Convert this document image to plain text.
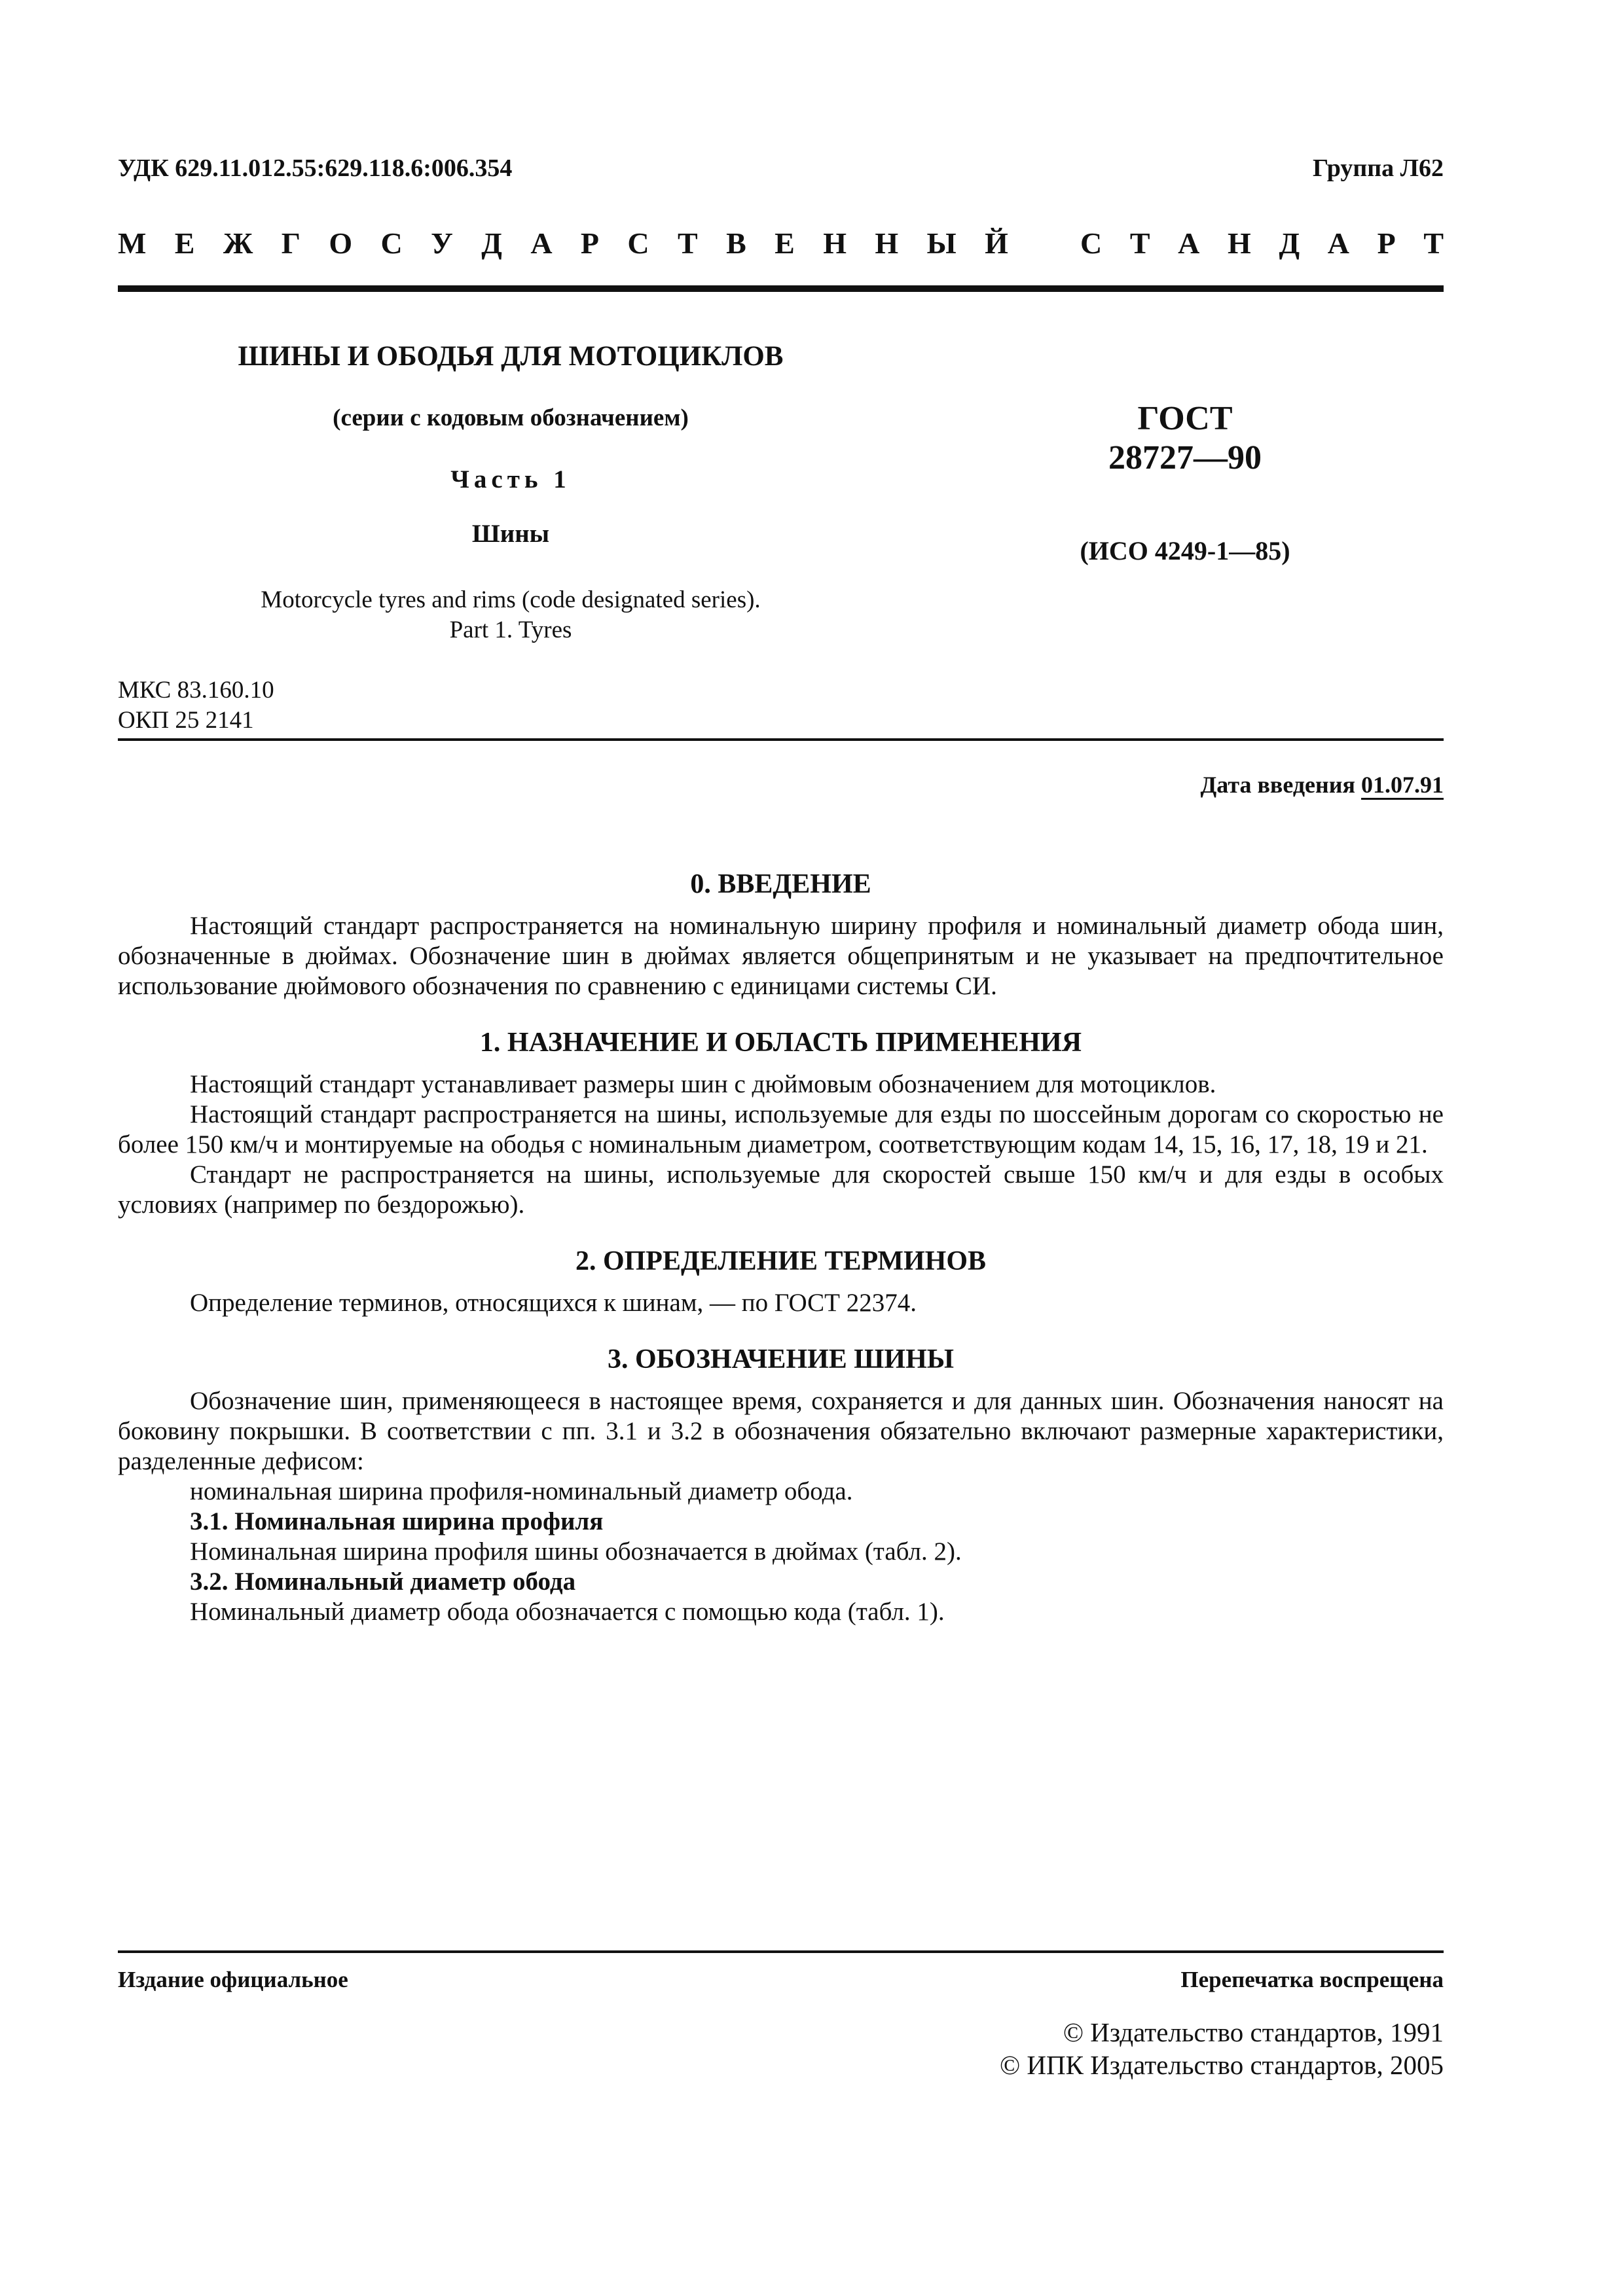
УДК 629.11.012.55:629.118.6:006.354	Группа Л62
М Е Ж Г О С У Д А Р С Т В Е Н Н Ы Й С Т А Н Д А Р Т
ШИНЫ И ОБОДЬЯ ДЛЯ МОТОЦИКЛОВ
(серии с кодовым обозначением)
Часть 1
Шины
Motorcycle tyres and rims (code designated series).
Part 1. Tyres
ГОСТ
28727—90
(ИСО 4249-1—85)
МКС 83.160.10
ОКП 25 2141
Дата введения 01.07.91
0. ВВЕДЕНИЕ

Настоящий стандарт распространяется на номинальную ширину профиля и номинальный диаметр обода шин, обозначенные в дюймах. Обозначение шин в дюймах является общепринятым и не указывает на предпочтительное использование дюймового обозначения по сравнению с единицами системы СИ.

1. НАЗНАЧЕНИЕ И ОБЛАСТЬ ПРИМЕНЕНИЯ

Настоящий стандарт устанавливает размеры шин с дюймовым обозначением для мотоциклов.

Настоящий стандарт распространяется на шины, используемые для езды по шоссейным дорогам со скоростью не более 150 км/ч и монтируемые на ободья с номинальным диаметром, соответствующим кодам 14, 15, 16, 17, 18, 19 и 21.

Стандарт не распространяется на шины, используемые для скоростей свыше 150 км/ч и для езды в особых условиях (например по бездорожью).

2. ОПРЕДЕЛЕНИЕ ТЕРМИНОВ

Определение терминов, относящихся к шинам, — по ГОСТ 22374.

3. ОБОЗНАЧЕНИЕ ШИНЫ

Обозначение шин, применяющееся в настоящее время, сохраняется и для данных шин. Обозначения наносят на боковину покрышки. В соответствии с пп. 3.1 и 3.2 в обозначения обязательно включают размерные характеристики, разделенные дефисом:

номинальная ширина профиля-номинальный диаметр обода.

3.1. Номинальная ширина профиля

Номинальная ширина профиля шины обозначается в дюймах (табл. 2).

3.2. Номинальный диаметр обода

Номинальный диаметр обода обозначается с помощью кода (табл. 1).

Издание официальное	Перепечатка воспрещена
© Издательство стандартов, 1991
© ИПК Издательство стандартов, 2005
